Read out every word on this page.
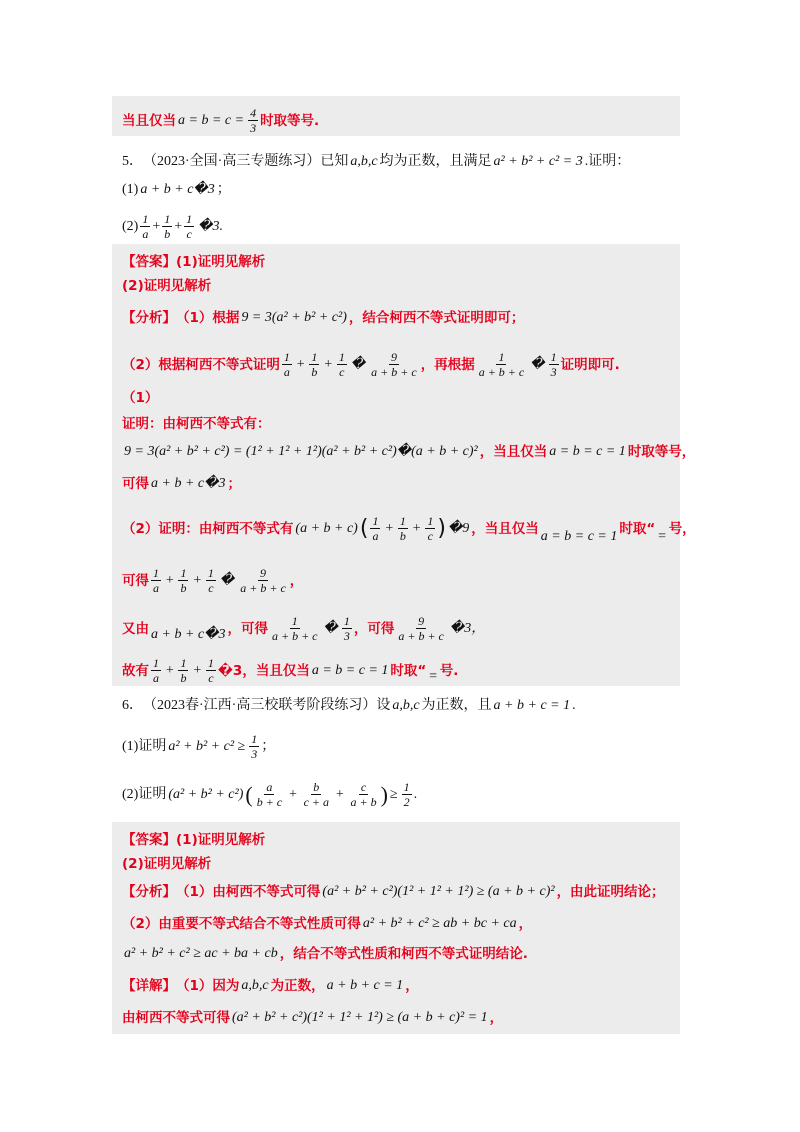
当且仅当 $a = b = c = \frac{4}{3}$ 时取等号.
5． （2023·全国·高三专题练习）已知 a,b,c 均为正数，且满足 a² + b² + c² = 3 .证明：
(1) a + b + c�3 ；
$(2) \frac{1}{a} + \frac{1}{b} + \frac{1}{c}$ �3.
【答案】(1)证明见解析
(2)证明见解析
【分析】 （1）根据 9 = 3(a² + b² + c²) ，结合柯西不等式证明即可；
（2）根据柯西不等式证明 $\frac{1}{a} + \frac{1}{b} + \frac{1}{c}$ � $\frac{9}{a + b + c}$ ，再根据 $\frac{1}{a + b + c}$ � $\frac{1}{3}$ 证明即可.
（1）
证明：由柯西不等式有：
9 = 3(a² + b² + c²) = (1² + 1² + 1²)(a² + b² + c²)�(a + b + c)² ，当且仅当 a = b = c = 1 时取等号，
可得 a + b + c�3 ；
（2）证明：由柯西不等式有 (a + b + c) ( $\frac{1}{a} + \frac{1}{b} + \frac{1}{c}$ ) �9 ，当且仅当 a = b = c = 1 时取“ = 号，
可得 $\frac{1}{a} + \frac{1}{b} + \frac{1}{c}$ � $\frac{9}{a + b + c}$ ，
又由 a + b + c�3 ，可得 $\frac{1}{a + b + c}$ � $\frac{1}{3}$ ，可得 $\frac{9}{a + b + c}$ �3，
故有 $\frac{1}{a} + \frac{1}{b} + \frac{1}{c}$ �3，当且仅当 a = b = c = 1 时取“ = 号.
6． （2023春·江西·高三校联考阶段练习）设 a,b,c 为正数，且 a + b + c = 1 .
(1)证明 $a^2 + b^2 + c^2 \ge \frac{1}{3}$ ；
(2)证明 (a² + b² + c²) ( $\frac{a}{b + c} + \frac{b}{c + a} + \frac{c}{a + b}$ ) ≥ $\frac{1}{2}$ .
【答案】(1)证明见解析
(2)证明见解析
【分析】 （1）由柯西不等式可得 (a² + b² + c²)(1² + 1² + 1²) ≥ (a + b + c)² ，由此证明结论；
（2）由重要不等式结合不等式性质可得 a² + b² + c² ≥ ab + bc + ca ，
a² + b² + c² ≥ ac + ba + cb ，结合不等式性质和柯西不等式证明结论.
【详解】 （1）因为 a,b,c 为正数， a + b + c = 1 ，
由柯西不等式可得 (a² + b² + c²)(1² + 1² + 1²) ≥ (a + b + c)² = 1 ，
